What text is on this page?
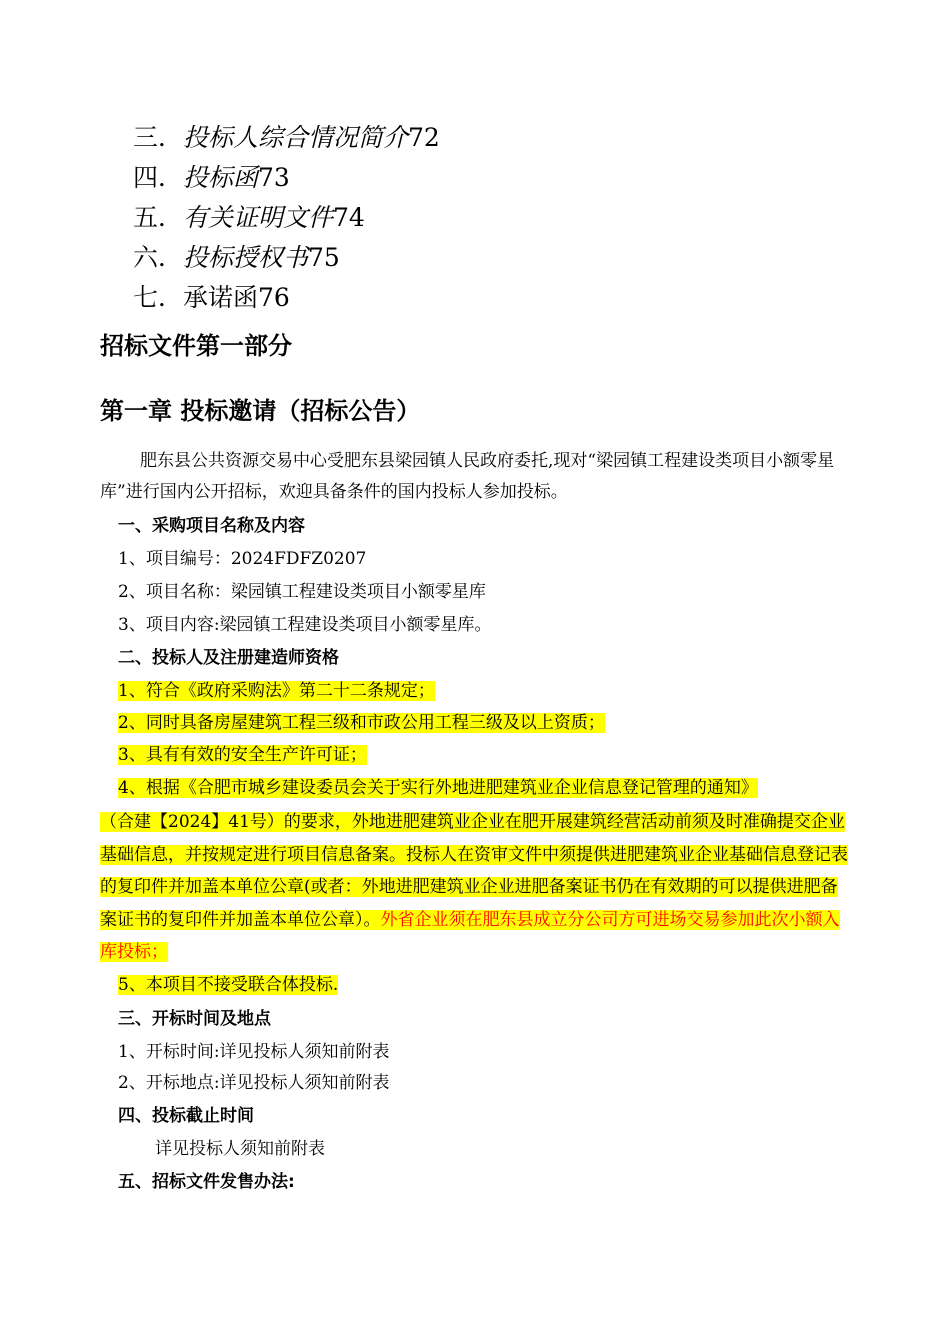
三．投标人综合情况简介72
四．投标函73
五．有关证明文件74
六．投标授权书75
七．承诺函76
招标文件第一部分
第一章 投标邀请（招标公告）
肥东县公共资源交易中心受肥东县梁园镇人民政府委托,现对“梁园镇工程建设类项目小额零星库”进行国内公开招标，欢迎具备条件的国内投标人参加投标。
一、采购项目名称及内容
1、项目编号：2024FDFZ0207
2、项目名称：梁园镇工程建设类项目小额零星库
3、项目内容:梁园镇工程建设类项目小额零星库。
二、投标人及注册建造师资格
1、符合《政府采购法》第二十二条规定；
2、同时具备房屋建筑工程三级和市政公用工程三级及以上资质；
3、具有有效的安全生产许可证；
4、根据《合肥市城乡建设委员会关于实行外地进肥建筑业企业信息登记管理的通知》
（合建【2024】41号）的要求，外地进肥建筑业企业在肥开展建筑经营活动前须及时准确提交企业基础信息，并按规定进行项目信息备案。投标人在资审文件中须提供进肥建筑业企业基础信息登记表的复印件并加盖本单位公章(或者：外地进肥建筑业企业进肥备案证书仍在有效期的可以提供进肥备案证书的复印件并加盖本单位公章）。外省企业须在肥东县成立分公司方可进场交易参加此次小额入库投标；
5、本项目不接受联合体投标.
三、开标时间及地点
1、开标时间:详见投标人须知前附表
2、开标地点:详见投标人须知前附表
四、投标截止时间
详见投标人须知前附表
五、招标文件发售办法:
